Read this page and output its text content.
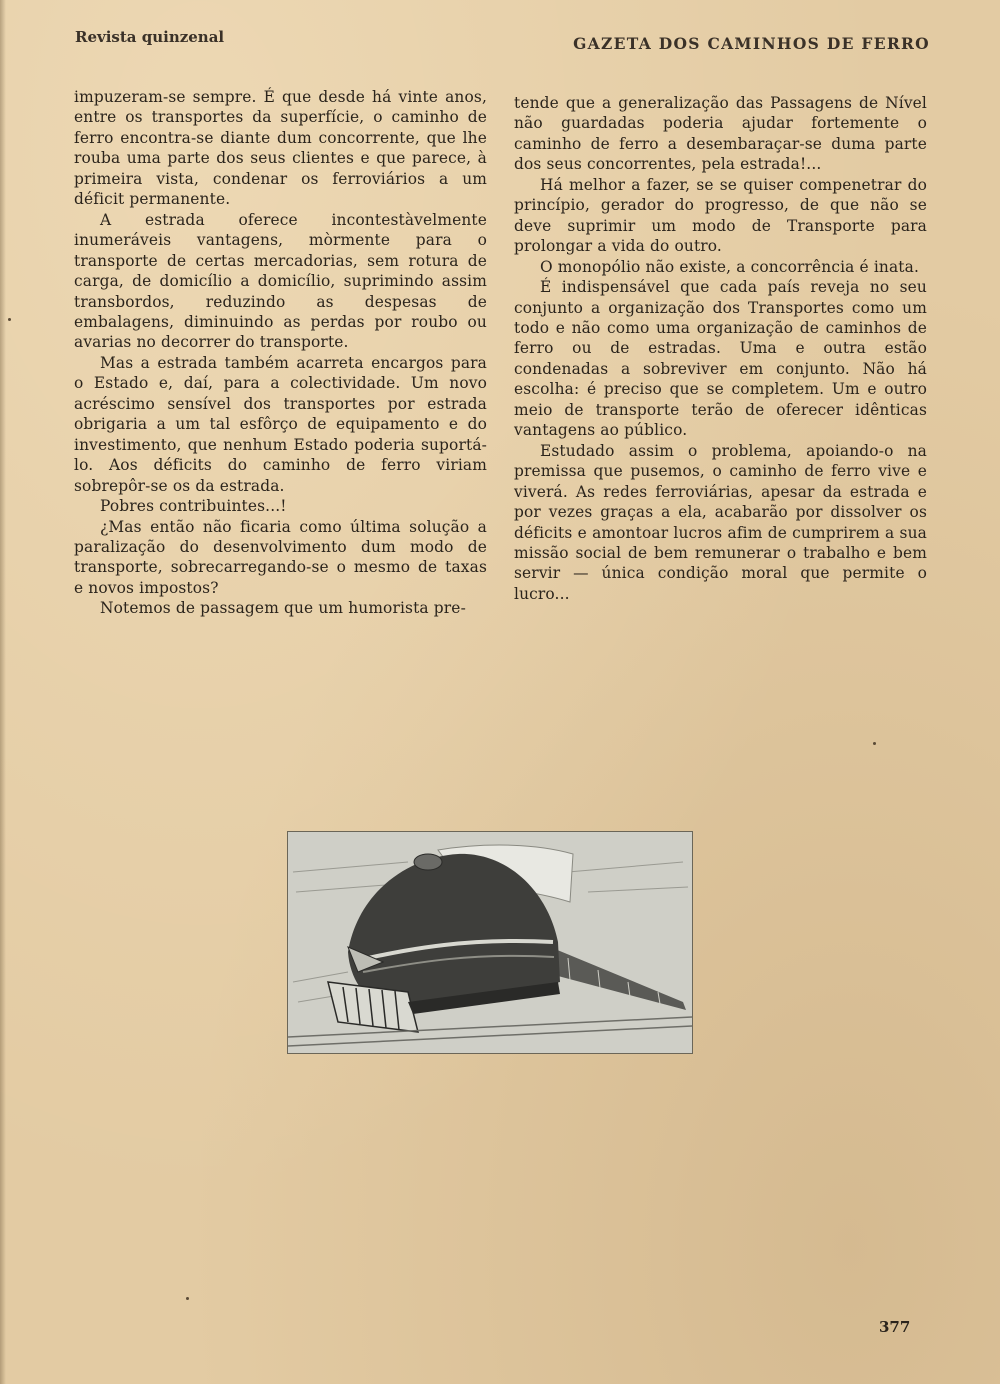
Revista quinzenal	GAZETA DOS CAMINHOS DE FERRO

impuzeram-se sempre. É que desde há vinte anos, entre os transportes da superfície, o caminho de ferro encontra-se diante dum concorrente, que lhe rouba uma parte dos seus clientes e que parece, à primeira vista, condenar os ferroviários a um déficit permanente.

A estrada oferece incontestàvelmente inumeráveis vantagens, mòrmente para o transporte de certas mercadorias, sem rotura de carga, de domicílio a domicílio, suprimindo assim transbordos, reduzindo as despesas de embalagens, diminuindo as perdas por roubo ou avarias no decorrer do transporte.

Mas a estrada também acarreta encargos para o Estado e, daí, para a colectividade. Um novo acréscimo sensível dos transportes por estrada obrigaria a um tal esfôrço de equipamento e do investimento, que nenhum Estado poderia suportá-lo. Aos déficits do caminho de ferro viriam sobrepôr-se os da estrada.

Pobres contribuintes...!

¿Mas então não ficaria como última solução a paralização do desenvolvimento dum modo de transporte, sobrecarregando-se o mesmo de taxas e novos impostos?

Notemos de passagem que um humorista pre-

tende que a generalização das Passagens de Nível não guardadas poderia ajudar fortemente o caminho de ferro a desembaraçar-se duma parte dos seus concorrentes, pela estrada!...

Há melhor a fazer, se se quiser compenetrar do princípio, gerador do progresso, de que não se deve suprimir um modo de Transporte para prolongar a vida do outro.

O monopólio não existe, a concorrência é inata.

É indispensável que cada país reveja no seu conjunto a organização dos Transportes como um todo e não como uma organização de caminhos de ferro ou de estradas. Uma e outra estão condenadas a sobreviver em conjunto. Não há escolha: é preciso que se completem. Um e outro meio de transporte terão de oferecer idênticas vantagens ao público.

Estudado assim o problema, apoiando-o na premissa que pusemos, o caminho de ferro vive e viverá. As redes ferroviárias, apesar da estrada e por vezes graças a ela, acabarão por dissolver os déficits e amontoar lucros afim de cumprirem a sua missão social de bem remunerar o trabalho e bem servir — única condição moral que permite o lucro...

377
